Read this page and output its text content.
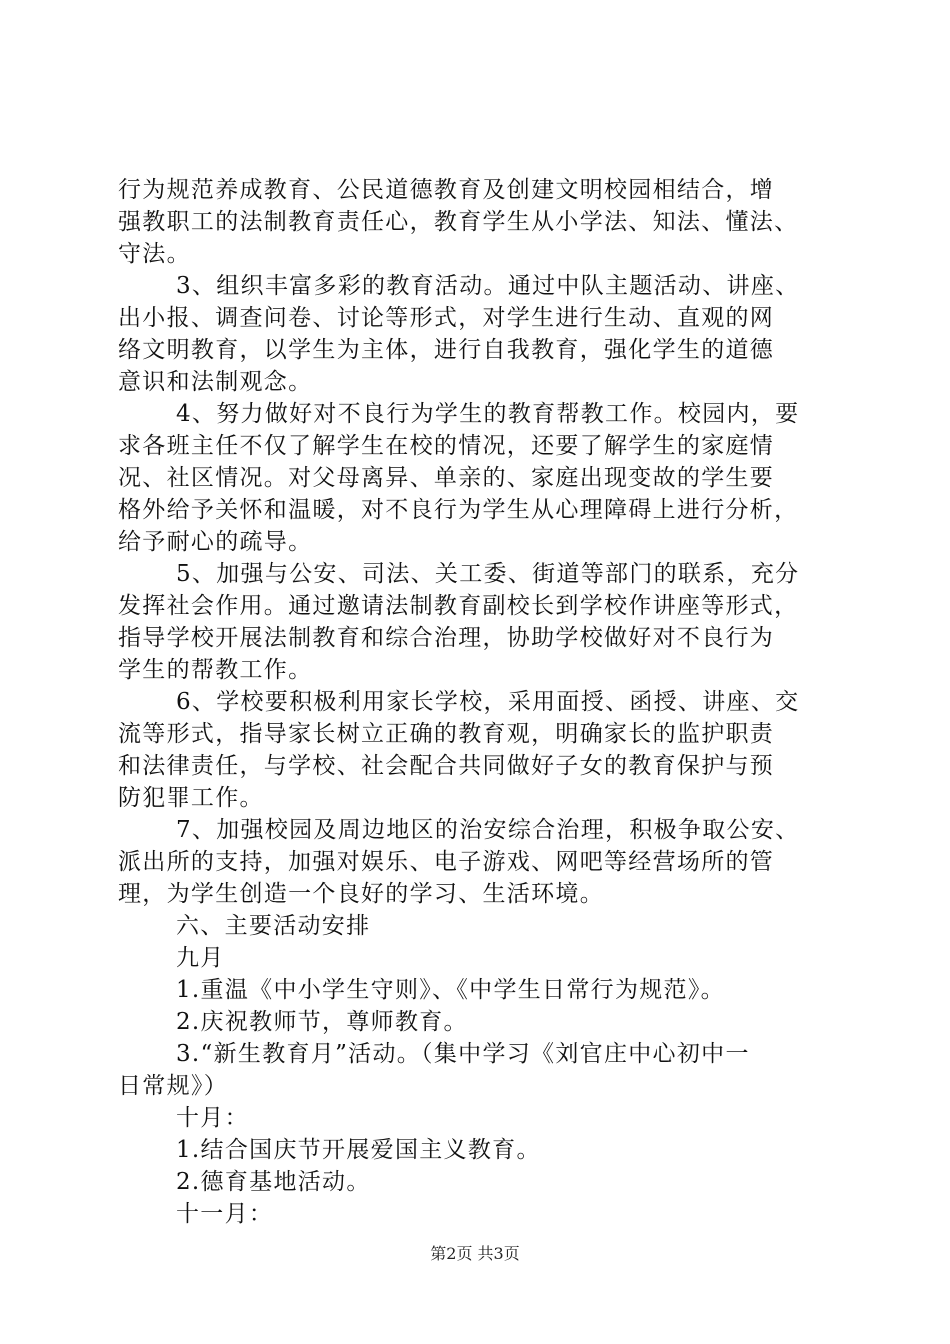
行为规范养成教育、公民道德教育及创建文明校园相结合，增
强教职工的法制教育责任心，教育学生从小学法、知法、懂法、
守法。
3、组织丰富多彩的教育活动。通过中队主题活动、讲座、
出小报、调查问卷、讨论等形式，对学生进行生动、直观的网
络文明教育，以学生为主体，进行自我教育，强化学生的道德
意识和法制观念。
4、努力做好对不良行为学生的教育帮教工作。校园内，要
求各班主任不仅了解学生在校的情况，还要了解学生的家庭情
况、社区情况。对父母离异、单亲的、家庭出现变故的学生要
格外给予关怀和温暖，对不良行为学生从心理障碍上进行分析，
给予耐心的疏导。
5、加强与公安、司法、关工委、街道等部门的联系，充分
发挥社会作用。通过邀请法制教育副校长到学校作讲座等形式，
指导学校开展法制教育和综合治理，协助学校做好对不良行为
学生的帮教工作。
6、学校要积极利用家长学校，采用面授、函授、讲座、交
流等形式，指导家长树立正确的教育观，明确家长的监护职责
和法律责任，与学校、社会配合共同做好子女的教育保护与预
防犯罪工作。
7、加强校园及周边地区的治安综合治理，积极争取公安、
派出所的支持，加强对娱乐、电子游戏、网吧等经营场所的管
理，为学生创造一个良好的学习、生活环境。
六、主要活动安排
九月
1.重温《中小学生守则》、《中学生日常行为规范》。
2.庆祝教师节，尊师教育。
3.“新生教育月”活动。（集中学习《刘官庄中心初中一
日常规》）
十月：
1.结合国庆节开展爱国主义教育。
2.德育基地活动。
十一月：
第2页 共3页
